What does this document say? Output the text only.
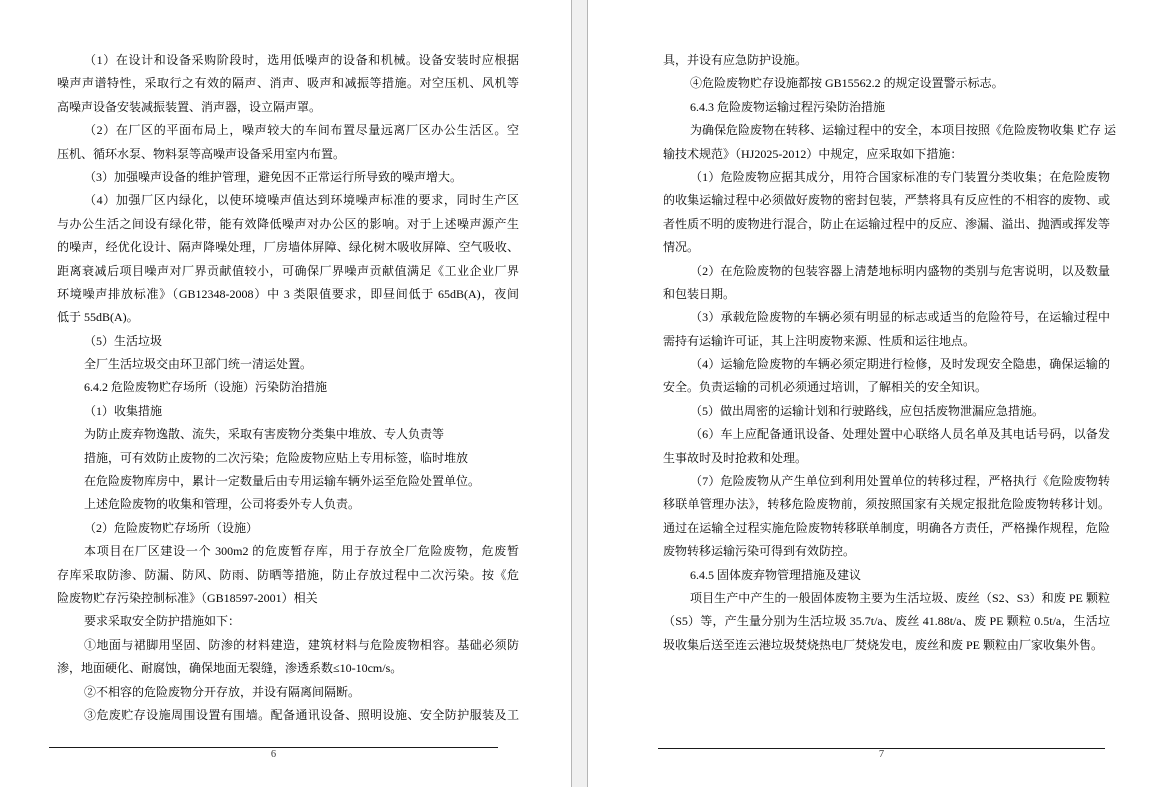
（1）在设计和设备采购阶段时，选用低噪声的设备和机械。设备安装时应根据
噪声声谱特性，采取行之有效的隔声、消声、吸声和减振等措施。对空压机、风机等
高噪声设备安装减振装置、消声器，设立隔声罩。
（2）在厂区的平面布局上，噪声较大的车间布置尽量远离厂区办公生活区。空
压机、循环水泵、物料泵等高噪声设备采用室内布置。
（3）加强噪声设备的维护管理，避免因不正常运行所导致的噪声增大。
（4）加强厂区内绿化，以使环境噪声值达到环境噪声标准的要求，同时生产区
与办公生活之间设有绿化带，能有效降低噪声对办公区的影响。对于上述噪声源产生
的噪声，经优化设计、隔声降噪处理，厂房墙体屏障、绿化树木吸收屏障、空气吸收、
距离衰减后项目噪声对厂界贡献值较小，可确保厂界噪声贡献值满足《工业企业厂界
环境噪声排放标准》（GB12348-2008）中 3 类限值要求，即昼间低于 65dB(A)，夜间
低于 55dB(A)。
（5）生活垃圾
全厂生活垃圾交由环卫部门统一清运处置。
6.4.2 危险废物贮存场所（设施）污染防治措施
（1）收集措施
为防止废弃物逸散、流失，采取有害废物分类集中堆放、专人负责等
措施，可有效防止废物的二次污染；危险废物应贴上专用标签，临时堆放
在危险废物库房中，累计一定数量后由专用运输车辆外运至危险处置单位。
上述危险废物的收集和管理，公司将委外专人负责。
（2）危险废物贮存场所（设施）
本项目在厂区建设一个 300m2 的危废暂存库，用于存放全厂危险废物，危废暂
存库采取防渗、防漏、防风、防雨、防晒等措施，防止存放过程中二次污染。按《危
险废物贮存污染控制标准》（GB18597-2001）相关
要求采取安全防护措施如下：
①地面与裙脚用坚固、防渗的材料建造，建筑材料与危险废物相容。基础必须防
渗，地面硬化、耐腐蚀，确保地面无裂缝，渗透系数≤10-10cm/s。
②不相容的危险废物分开存放，并设有隔离间隔断。
③危废贮存设施周围设置有围墙。配备通讯设备、照明设施、安全防护服装及工
6
具，并设有应急防护设施。
④危险废物贮存设施都按 GB15562.2 的规定设置警示标志。
6.4.3 危险废物运输过程污染防治措施
为确保危险废物在转移、运输过程中的安全，本项目按照《危险废物收集 贮存 运
输技术规范》（HJ2025-2012）中规定，应采取如下措施：
（1）危险废物应据其成分，用符合国家标准的专门装置分类收集；在危险废物
的收集运输过程中必须做好废物的密封包装，严禁将具有反应性的不相容的废物、或
者性质不明的废物进行混合，防止在运输过程中的反应、渗漏、溢出、抛洒或挥发等
情况。
（2）在危险废物的包装容器上清楚地标明内盛物的类别与危害说明，以及数量
和包装日期。
（3）承载危险废物的车辆必须有明显的标志或适当的危险符号，在运输过程中
需持有运输许可证，其上注明废物来源、性质和运往地点。
（4）运输危险废物的车辆必须定期进行检修，及时发现安全隐患，确保运输的
安全。负责运输的司机必须通过培训，了解相关的安全知识。
（5）做出周密的运输计划和行驶路线，应包括废物泄漏应急措施。
（6）车上应配备通讯设备、处理处置中心联络人员名单及其电话号码，以备发
生事故时及时抢救和处理。
（7）危险废物从产生单位到利用处置单位的转移过程，严格执行《危险废物转
移联单管理办法》，转移危险废物前，须按照国家有关规定报批危险废物转移计划。
通过在运输全过程实施危险废物转移联单制度，明确各方责任，严格操作规程，危险
废物转移运输污染可得到有效防控。
6.4.5 固体废弃物管理措施及建议
项目生产中产生的一般固体废物主要为生活垃圾、废丝（S2、S3）和废 PE 颗粒
（S5）等，产生量分别为生活垃圾 35.7t/a、废丝 41.88t/a、废 PE 颗粒 0.5t/a，生活垃
圾收集后送至连云港垃圾焚烧热电厂焚烧发电，废丝和废 PE 颗粒由厂家收集外售。
7
